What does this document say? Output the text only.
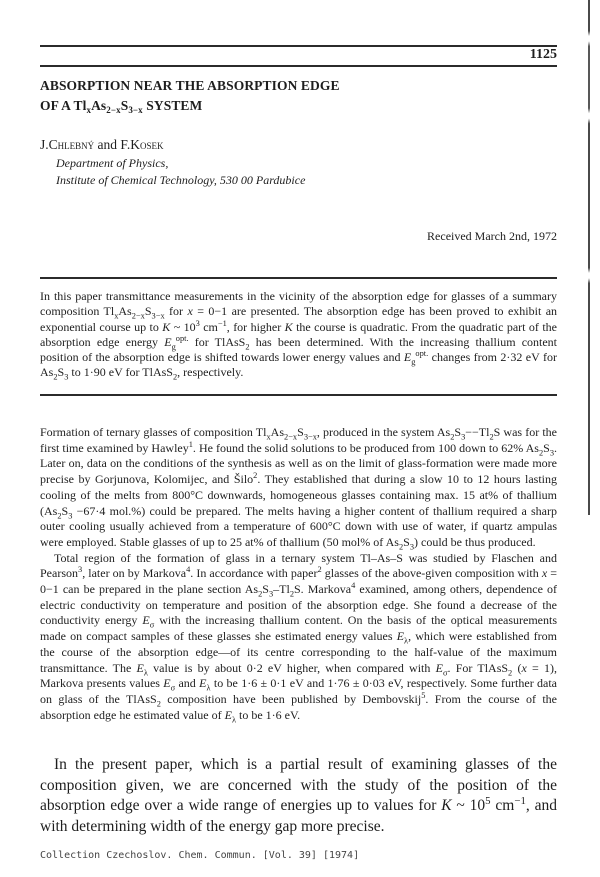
1125
ABSORPTION NEAR THE ABSORPTION EDGE
OF A $Tl_xAs_{2-x}S_{3-x}$ SYSTEM
J.Chlebný and F.Kosek
Department of Physics,
Institute of Chemical Technology, 530 00 Pardubice
Received March 2nd, 1972
In this paper transmittance measurements in the vicinity of the absorption edge for glasses of a summary composition $Tl_xAs_{2-x}S_{3-x}$ for x = 0−1 are presented. The absorption edge has been proved to exhibit an exponential course up to K ~ $10^3$ $cm^{-1}$, for higher K the course is quadratic. From the quadratic part of the absorption edge energy $E_g^{opt.}$ for TlAsS$_2$ has been determined. With the increasing thallium content position of the absorption edge is shifted towards lower energy values and $E_g^{opt.}$ changes from 2·32 eV for $As_2S_3$ to 1·90 eV for TlAsS$_2$, respectively.

Formation of ternary glasses of composition $Tl_xAs_{2-x}S_{3-x}$, produced in the system $As_2S_3--Tl_2S$ was for the first time examined by Hawley$^1$. He found the solid solutions to be produced from 100 down to 62% $As_2S_3$. Later on, data on the conditions of the synthesis as well as on the limit of glass-formation were made more precise by Gorjunova, Kolomijec, and Šilo$^2$. They established that during a slow 10 to 12 hours lasting cooling of the melts from 800°C downwards, homogeneous glasses containing max. 15 at% of thallium ($As_2S_3 -67\cdot 4$ mol.%) could be prepared. The melts having a higher content of thallium required a sharp outer cooling usually achieved from a temperature of 600°C down with use of water, if quartz ampulas were employed. Stable glasses of up to 25 at% of thallium (50 mol% of $As_2S_3$) could be thus produced.

Total region of the formation of glass in a ternary system Tl–As–S was studied by Flaschen and Pearson$^3$, later on by Markova$^4$. In accordance with paper$^2$ glasses of the above-given composition with x = 0−1 can be prepared in the plane section $As_2S_3-Tl_2S$. Markova$^4$ examined, among others, dependence of electric conductivity on temperature and position of the absorption edge. She found a decrease of the conductivity energy $E_\sigma$ with the increasing thallium content. On the basis of the optical measurements made on compact samples of these glasses she estimated energy values $E_\lambda$, which were established from the course of the absorption edge—of its centre corresponding to the half-value of the maximum transmittance. The $E_\lambda$ value is by about 0·2 eV higher, when compared with $E_\sigma$. For TlAsS$_2$ (x = 1), Markova presents values $E_\sigma$ and $E_\lambda$ to be 1·6 ± 0·1 eV and 1·76 ± 0·03 eV, respectively. Some further data on glass of the TlAsS$_2$ composition have been published by Dembovskij$^5$. From the course of the absorption edge he estimated value of $E_\lambda$ to be 1·6 eV.

In the present paper, which is a partial result of examining glasses of the composition given, we are concerned with the study of the position of the absorption edge over a wide range of energies up to values for K ~ $10^5$ $cm^{-1}$, and with determining width of the energy gap more precise.
Collection Czechoslov. Chem. Commun. [Vol. 39] [1974]
